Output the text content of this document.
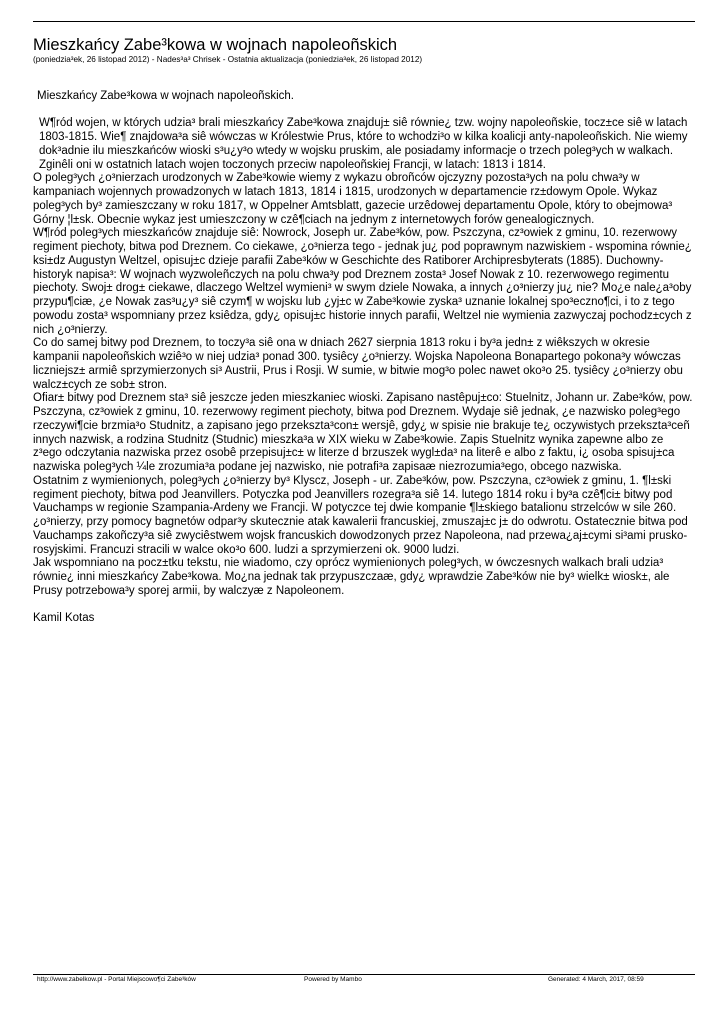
Mieszkańcy Zabe³kowa w wojnach napoleoñskich
(poniedzia³ek, 26 listopad 2012) - Nades³a³ Chrisek - Ostatnia aktualizacja (poniedzia³ek, 26 listopad 2012)

Mieszkańcy Zabe³kowa w wojnach napoleoñskich.

W¶ród wojen, w których udzia³ brali mieszkańcy Zabe³kowa znajduj± siê równie¿ tzw. wojny napoleoñskie, tocz±ce siê w latach 1803-1815. Wie¶ znajdowa³a siê wówczas w Królestwie Prus, które to wchodzi³o w kilka koalicji anty-napoleoñskich. Nie wiemy dok³adnie ilu mieszkańców wioski s³u¿y³o wtedy w wojsku pruskim, ale posiadamy informacje o trzech poleg³ych w walkach. Zginêli oni w ostatnich latach wojen toczonych przeciw napoleoñskiej Francji, w latach: 1813 i 1814.

O poleg³ych ¿o³nierzach urodzonych w Zabe³kowie wiemy z wykazu obroñców ojczyzny pozosta³ych na polu chwa³y w kampaniach wojennych prowadzonych w latach 1813, 1814 i 1815, urodzonych w departamencie rz±dowym Opole. Wykaz poleg³ych by³ zamieszczany w roku 1817, w Oppelner Amtsblatt, gazecie urzêdowej departamentu Opole, który to obejmowa³ Górny ¦l±sk. Obecnie wykaz jest umieszczony w czê¶ciach na jednym z internetowych forów genealogicznych.

W¶ród poleg³ych mieszkańców znajduje siê: Nowrock, Joseph ur. Zabe³ków, pow. Pszczyna, cz³owiek z gminu, 10. rezerwowy regiment piechoty, bitwa pod Dreznem. Co ciekawe, ¿o³nierza tego - jednak ju¿ pod poprawnym nazwiskiem - wspomina równie¿ ksi±dz Augustyn Weltzel, opisuj±c dzieje parafii Zabe³ków w Geschichte des Ratiborer Archipresbyterats (1885). Duchowny-historyk napisa³: W wojnach wyzwoleñczych na polu chwa³y pod Dreznem zosta³ Josef Nowak z 10. rezerwowego regimentu piechoty. Swoj± drog± ciekawe, dlaczego Weltzel wymieni³ w swym dziele Nowaka, a innych ¿o³nierzy ju¿ nie? Mo¿e nale¿a³oby przypu¶ciæ, ¿e Nowak zas³u¿y³ siê czym¶ w wojsku lub ¿yj±c w Zabe³kowie zyska³ uznanie lokalnej spo³eczno¶ci, i to z tego powodu zosta³ wspomniany przez ksiêdza, gdy¿ opisuj±c historie innych parafii, Weltzel nie wymienia zazwyczaj pochodz±cych z nich ¿o³nierzy.

Co do samej bitwy pod Dreznem, to toczy³a siê ona w dniach 2627 sierpnia 1813 roku i by³a jedn± z wiêkszych w okresie kampanii napoleoñskich wziê³o w niej udzia³ ponad 300. tysiêcy ¿o³nierzy. Wojska Napoleona Bonapartego pokona³y wówczas liczniejsz± armiê sprzymierzonych si³ Austrii, Prus i Rosji. W sumie, w bitwie mog³o polec nawet oko³o 25. tysiêcy ¿o³nierzy obu walcz±cych ze sob± stron.

Ofiar± bitwy pod Dreznem sta³ siê jeszcze jeden mieszkaniec wioski. Zapisano nastêpuj±co: Stuelnitz, Johann ur. Zabe³ków, pow. Pszczyna, cz³owiek z gminu, 10. rezerwowy regiment piechoty, bitwa pod Dreznem. Wydaje siê jednak, ¿e nazwisko poleg³ego rzeczywi¶cie brzmia³o Studnitz, a zapisano jego przekszta³con± wersjê, gdy¿ w spisie nie brakuje te¿ oczywistych przekszta³ceñ innych nazwisk, a rodzina Studnitz (Studnic) mieszka³a w XIX wieku w Zabe³kowie. Zapis Stuelnitz wynika zapewne albo ze z³ego odczytania nazwiska przez osobê przepisuj±c± w literze d brzuszek wygl±da³ na literê e albo z faktu, i¿ osoba spisuj±ca nazwiska poleg³ych ¼le zrozumia³a podane jej nazwisko, nie potrafi³a zapisaæ niezrozumia³ego, obcego nazwiska.

Ostatnim z wymienionych, poleg³ych ¿o³nierzy by³ Klyscz, Joseph - ur. Zabe³ków, pow. Pszczyna, cz³owiek z gminu, 1. ¶l±ski regiment piechoty, bitwa pod Jeanvillers. Potyczka pod Jeanvillers rozegra³a siê 14. lutego 1814 roku i by³a czê¶ci± bitwy pod Vauchamps w regionie Szampania-Ardeny we Francji. W potyczce tej dwie kompanie ¶l±skiego batalionu strzelców w sile 260. ¿o³nierzy, przy pomocy bagnetów odpar³y skutecznie atak kawalerii francuskiej, zmuszaj±c j± do odwrotu. Ostatecznie bitwa pod Vauchamps zakoñczy³a siê zwyciêstwem wojsk francuskich dowodzonych przez Napoleona, nad przewa¿aj±cymi si³ami prusko-rosyjskimi. Francuzi stracili w walce oko³o 600. ludzi a sprzymierzeni ok. 9000 ludzi.

Jak wspomniano na pocz±tku tekstu, nie wiadomo, czy oprócz wymienionych poleg³ych, w ówczesnych walkach brali udzia³ równie¿ inni mieszkańcy Zabe³kowa. Mo¿na jednak tak przypuszczaæ, gdy¿ wprawdzie Zabe³ków nie by³ wielk± wiosk±, ale Prusy potrzebowa³y sporej armii, by walczyæ z Napoleonem.

Kamil Kotas

http://www.zabelkow.pl - Portal Miejscowo¶ci Zabe³ków	Powered by Mambo	Generated: 4 March, 2017, 08:59
